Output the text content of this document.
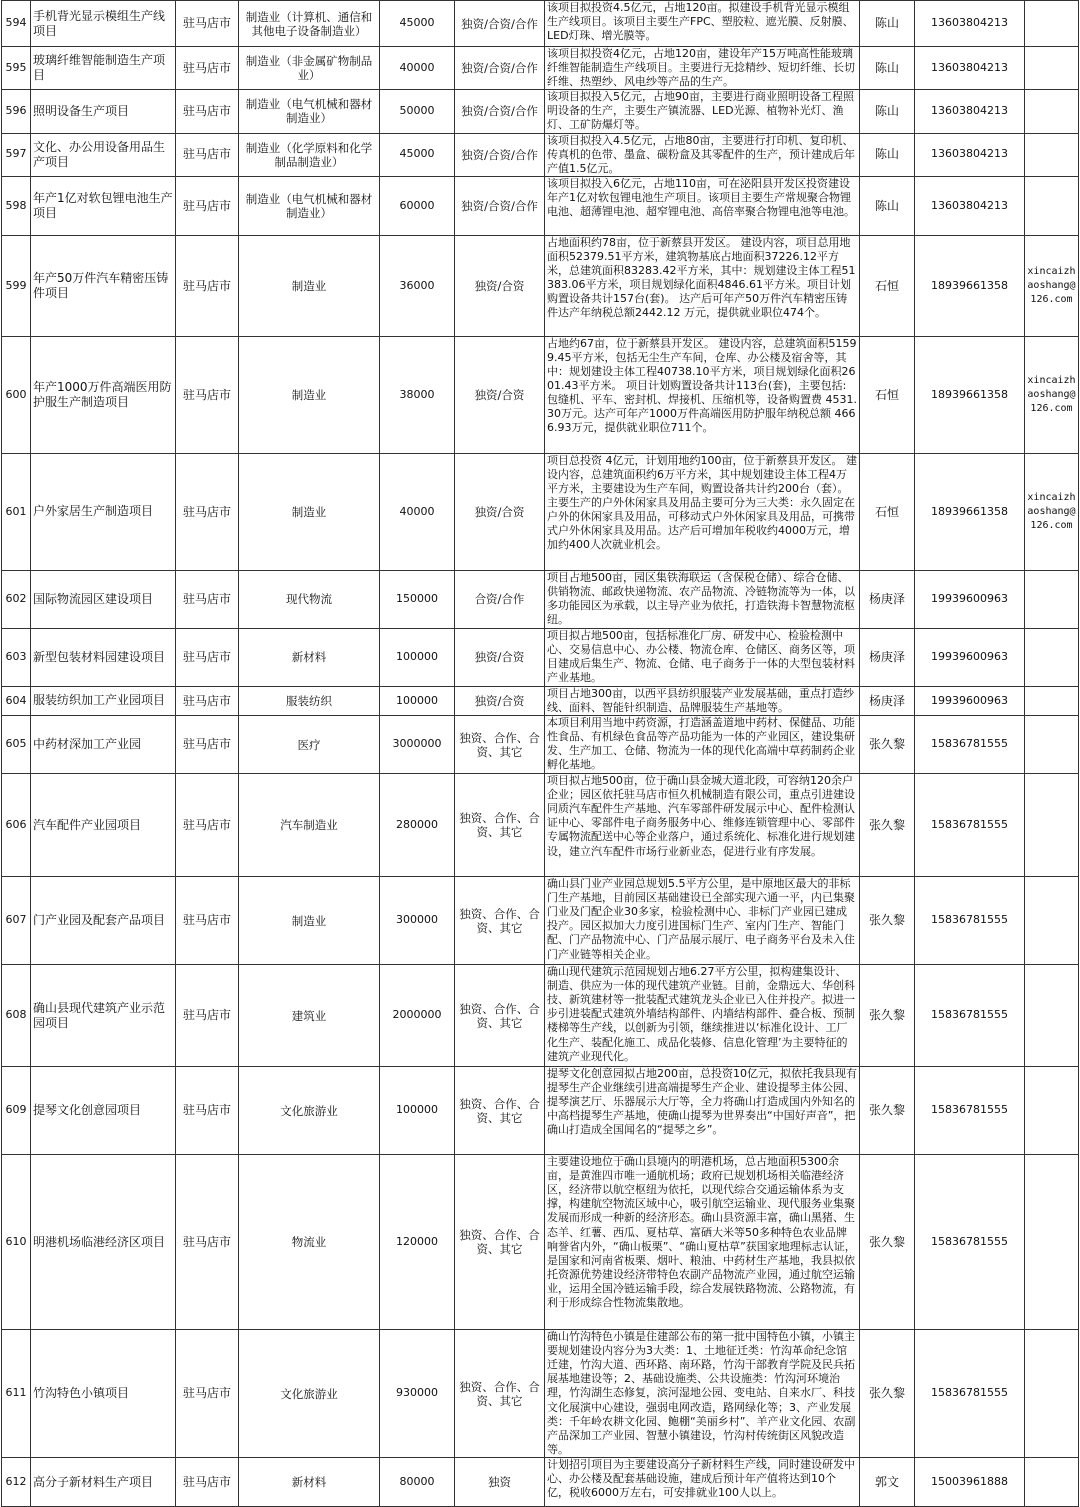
594	手机背光显示模组生产线项目	驻马店市	制造业（计算机、通信和其他电子设备制造业）	45000	独资/合资/合作	该项目拟投资4.5亿元，占地120亩。拟建设手机背光显示模组生产线项目。该项目主要生产FPC、塑胶粒、遮光膜、反射膜、LED灯珠、增光膜等。	陈山	13603804213	
595	玻璃纤维智能制造生产项目	驻马店市	制造业（非金属矿物制品业）	40000	独资/合资/合作	该项目拟投资4亿元，占地120亩，建设年产15万吨高性能玻璃纤维智能制造生产线项目。主要进行无捻精纱、短切纤维、长切纤维、热塑纱、风电纱等产品的生产。	陈山	13603804213	
596	照明设备生产项目	驻马店市	制造业（电气机械和器材制造业）	50000	独资/合资/合作	该项目拟投入5亿元，占地90亩，主要进行商业照明设备工程照明设备的生产，主要生产镇流器、LED光源、植物补光灯、渔灯、工矿防爆灯等。	陈山	13603804213	
597	文化、办公用设备用品生产项目	驻马店市	制造业（化学原料和化学制品制造业）	45000	独资/合资/合作	该项目拟投入4.5亿元，占地80亩，主要进行打印机、复印机、传真机的色带、墨盒、碳粉盒及其零配件的生产，预计建成后年产值1.5亿元。	陈山	13603804213	
598	年产1亿对软包锂电池生产项目	驻马店市	制造业（电气机械和器材制造业）	60000	独资/合资/合作	该项目拟投入6亿元，占地110亩，可在泌阳县开发区投资建设年产1亿对软包锂电池生产项目。该项目主要生产常规聚合物锂电池、超薄锂电池、超窄锂电池、高倍率聚合物锂电池等电池。	陈山	13603804213	
599	年产50万件汽车精密压铸件项目	驻马店市	制造业	36000	独资/合资	占地面积约78亩，位于新蔡县开发区。 建设内容，项目总用地面积52379.51平方米，建筑物基底占地面积37226.12平方米，总建筑面积83283.42平方米，其中：规划建设主体工程51383.06平方米，项目规划绿化面积4846.61平方米。项目计划购置设备共计157台(套)。 达产后可年产50万件汽车精密压铸件达产年纳税总额2442.12 万元，提供就业职位474个。	石恒	18939661358	xincaizhaoshang@126.com
600	年产1000万件高端医用防护服生产制造项目	驻马店市	制造业	38000	独资/合资	占地约67亩，位于新蔡县开发区。 建设内容，总建筑面积51599.45平方米，包括无尘生产车间，仓库、办公楼及宿舍等，其中：规划建设主体工程40738.10平方米，项目规划绿化面积2601.43平方米。 项目计划购置设备共计113台(套)，主要包括:包缝机、平车、密封机、焊接机、压缩机等，设备购置费 4531.30万元。达产可年产1000万件高端医用防护服年纳税总额 4666.93万元，提供就业职位711个。	石恒	18939661358	xincaizhaoshang@126.com
601	户外家居生产制造项目	驻马店市	制造业	40000	独资/合资	项目总投资 4亿元，计划用地约100亩，位于新蔡县开发区。 建设内容，总建筑面积约6万平方米，其中规划建设主体工程4万平方米，主要建设为生产车间，购置设备共计约200台（套）。主要生产的户外休闲家具及用品主要可分为三大类：永久固定在户外的休闲家具及用品，可移动式户外休闲家具及用品，可携带式户外休闲家具及用品。达产后可增加年税收约4000万元，增加约400人次就业机会。	石恒	18939661358	xincaizhaoshang@126.com
602	国际物流园区建设项目	驻马店市	现代物流	150000	合资/合作	项目占地500亩，园区集铁海联运（含保税仓储）、综合仓储、供销物流、邮政快递物流、农产品物流、冷链物流等为一体，以多功能园区为承载，以主导产业为依托，打造铁海卡智慧物流枢纽。	杨庚泽	19939600963	
603	新型包装材料园建设项目	驻马店市	新材料	100000	独资/合资	项目拟占地500亩，包括标准化厂房、研发中心、检验检测中心、交易信息中心、办公楼、物流仓库、仓储区、商务区等，项目建成后集生产、物流、仓储、电子商务于一体的大型包装材料产业基地。	杨庚泽	19939600963	
604	服装纺织加工产业园项目	驻马店市	服装纺织	100000	独资/合资	项目占地300亩，以西平县纺织服装产业发展基础，重点打造纱线、面料、智能针织制造、品牌服装生产基地等。	杨庚泽	19939600963	
605	中药材深加工产业园	驻马店市	医疗	3000000	独资、合作、合资、其它	本项目利用当地中药资源，打造涵盖道地中药材、保健品、功能性食品、有机绿色食品等产品功能为一体的产业园区，建设集研发、生产加工、仓储、物流为一体的现代化高端中草药制药企业孵化基地。	张久黎	15836781555	
606	汽车配件产业园项目	驻马店市	汽车制造业	280000	独资、合作、合资、其它	项目拟占地500亩，位于确山县金城大道北段，可容纳120余户企业；园区依托驻马店市恒久机械制造有限公司，重点引进建设同质汽车配件生产基地、汽车零部件研发展示中心、配件检测认证中心、零部件电子商务服务中心、维修连锁管理中心、零部件专属物流配送中心等企业落户，通过系统化、标准化进行规划建设，建立汽车配件市场行业新业态，促进行业有序发展。	张久黎	15836781555	
607	门产业园及配套产品项目	驻马店市	制造业	300000	独资、合作、合资、其它	确山县门业产业园总规划5.5平方公里，是中原地区最大的非标门生产基地，目前园区基础建设已全部实现六通一平，内已集聚门业及门配企业30多家，检验检测中心、非标门产业园已建成投产。园区拟加大力度引进国标门生产、室内门生产、智能门配、门产品物流中心、门产品展示展厅、电子商务平台及未入住门产业链等相关企业。	张久黎	15836781555	
608	确山县现代建筑产业示范园项目	驻马店市	建筑业	2000000	独资、合作、合资、其它	确山现代建筑示范园规划占地6.27平方公里，拟构建集设计、制造、供应为一体的现代建筑产业链。目前，金鼎远大、华创科技、新筑建材等一批装配式建筑龙头企业已入住并投产。拟进一步引进装配式建筑外墙结构部件、内墙结构部件、叠合板、预制楼梯等生产线，以创新为引领，继续推进以‘标准化设计、工厂化生产、装配化施工、成品化装修、信息化管理’为主要特征的建筑产业现代化。	张久黎	15836781555	
609	提琴文化创意园项目	驻马店市	文化旅游业	100000	独资、合作、合资、其它	提琴文化创意园拟占地200亩，总投资10亿元，拟依托我县现有提琴生产企业继续引进高端提琴生产企业、建设提琴主体公园、提琴演艺厅、乐器展示大厅等，全力将确山打造成国内外知名的中高档提琴生产基地，使确山提琴为世界奏出“中国好声音”，把确山打造成全国闻名的“提琴之乡”。	张久黎	15836781555	
610	明港机场临港经济区项目	驻马店市	物流业	120000	独资、合作、合资、其它	主要建设地位于确山县境内的明港机场，总占地面积5300余亩，是黄淮四市唯一通航机场；政府已规划机场相关临港经济区，经济带以航空枢纽为依托，以现代综合交通运输体系为支撑，构建航空物流区域中心，吸引航空运输业、现代服务业集聚发展而形成一种新的经济形态。确山县资源丰富，确山黑猪、生态羊、红薯、西瓜、夏枯草、富硒大米等50多种特色农业品牌响誉省内外，“确山板栗”、“确山夏枯草”获国家地理标志认证，是国家和河南省板栗、烟叶、粮油、中药材生产基地，我县拟依托资源优势建设经济带特色农副产品物流产业园，通过航空运输业，运用全国冷链运输手段，综合发展铁路物流、公路物流，有利于形成综合性物流集散地。	张久黎	15836781555	
611	竹沟特色小镇项目	驻马店市	文化旅游业	930000	独资、合作、合资、其它	确山竹沟特色小镇是住建部公布的第一批中国特色小镇，小镇主要规划建设内容分为3大类：1、土地征迁类：竹沟革命纪念馆迁建，竹沟大道、西环路、南环路，竹沟干部教育学院及民兵拓展基地建设等；2、基础设施类、公共设施类：竹沟河环境治理，竹沟湖生态修复，滨河湿地公园、变电站、自来水厂、科技文化展演中心建设，强弱电网改造，路网绿化等；3、产业发展类：千年岭农耕文化园、鲍棚“美丽乡村”、羊产业文化园、农副产品深加工产业园、智慧小镇建设，竹沟村传统街区风貌改造等。	张久黎	15836781555	
612	高分子新材料生产项目	驻马店市	新材料	80000	独资	计划招引项目为主要建设高分子新材料生产线，同时建设研发中心、办公楼及配套基础设施，建成后预计年产值将达到10个亿，税收6000万左右，可安排就业100人以上。	郭文	15003961888	
